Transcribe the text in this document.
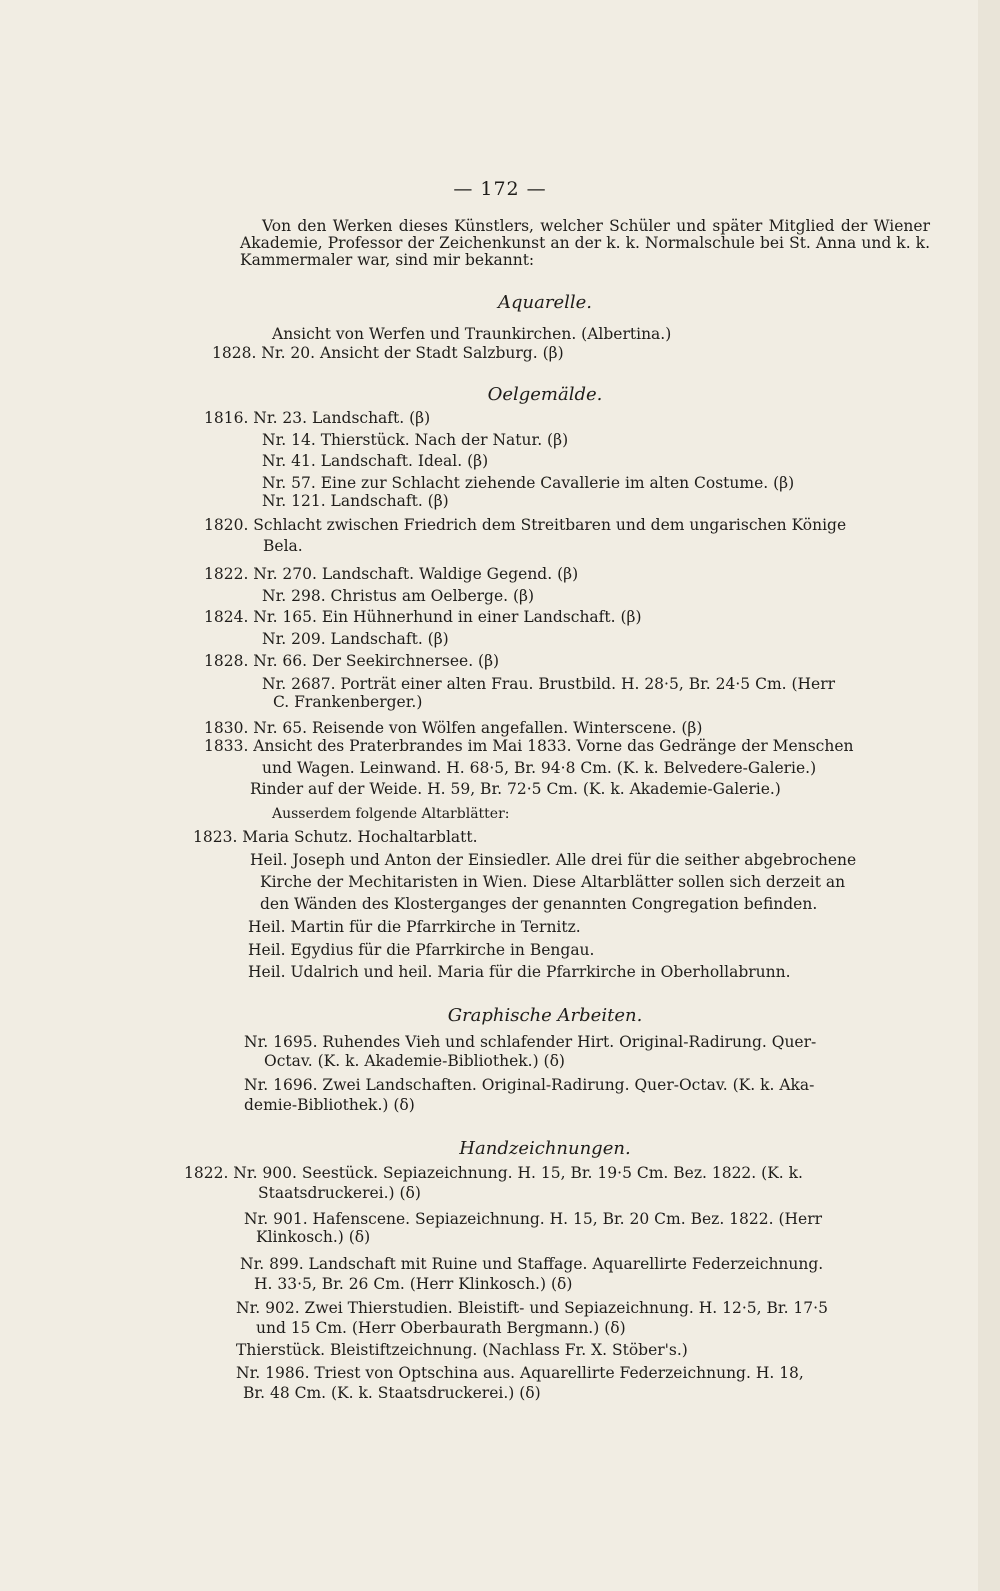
— 172 —
Von den Werken dieses Künstlers, welcher Schüler und später Mitglied der Wiener Akademie, Professor der Zeichenkunst an der k. k. Normalschule bei St. Anna und k. k. Kammermaler war, sind mir bekannt:
Aquarelle.
Ansicht von Werfen und Traunkirchen. (Albertina.)
1828. Nr. 20. Ansicht der Stadt Salzburg. (β)
Oelgemälde.
1816. Nr. 23. Landschaft. (β)
Nr. 14. Thierstück. Nach der Natur. (β)
Nr. 41. Landschaft. Ideal. (β)
Nr. 57. Eine zur Schlacht ziehende Cavallerie im alten Costume. (β)
Nr. 121. Landschaft. (β)
1820. Schlacht zwischen Friedrich dem Streitbaren und dem ungarischen Könige
Bela.
1822. Nr. 270. Landschaft. Waldige Gegend. (β)
Nr. 298. Christus am Oelberge. (β)
1824. Nr. 165. Ein Hühnerhund in einer Landschaft. (β)
Nr. 209. Landschaft. (β)
1828. Nr. 66. Der Seekirchnersee. (β)
Nr. 2687. Porträt einer alten Frau. Brustbild. H. 28·5, Br. 24·5 Cm. (Herr
C. Frankenberger.)
1830. Nr. 65. Reisende von Wölfen angefallen. Winterscene. (β)
1833. Ansicht des Praterbrandes im Mai 1833. Vorne das Gedränge der Menschen
und Wagen. Leinwand. H. 68·5, Br. 94·8 Cm. (K. k. Belvedere-Galerie.)
Rinder auf der Weide. H. 59, Br. 72·5 Cm. (K. k. Akademie-Galerie.)
Ausserdem folgende Altarblätter:
1823. Maria Schutz. Hochaltarblatt.
Heil. Joseph und Anton der Einsiedler. Alle drei für die seither abgebrochene
Kirche der Mechitaristen in Wien. Diese Altarblätter sollen sich derzeit an
den Wänden des Klosterganges der genannten Congregation befinden.
Heil. Martin für die Pfarrkirche in Ternitz.
Heil. Egydius für die Pfarrkirche in Bengau.
Heil. Udalrich und heil. Maria für die Pfarrkirche in Oberhollabrunn.
Graphische Arbeiten.
Nr. 1695. Ruhendes Vieh und schlafender Hirt. Original-Radirung. Quer-
Octav. (K. k. Akademie-Bibliothek.) (δ)
Nr. 1696. Zwei Landschaften. Original-Radirung. Quer-Octav. (K. k. Aka-
demie-Bibliothek.) (δ)
Handzeichnungen.
1822. Nr. 900. Seestück. Sepiazeichnung. H. 15, Br. 19·5 Cm. Bez. 1822. (K. k.
Staatsdruckerei.) (δ)
Nr. 901. Hafenscene. Sepiazeichnung. H. 15, Br. 20 Cm. Bez. 1822. (Herr
Klinkosch.) (δ)
Nr. 899. Landschaft mit Ruine und Staffage. Aquarellirte Federzeichnung.
H. 33·5, Br. 26 Cm. (Herr Klinkosch.) (δ)
Nr. 902. Zwei Thierstudien. Bleistift- und Sepiazeichnung. H. 12·5, Br. 17·5
und 15 Cm. (Herr Oberbaurath Bergmann.) (δ)
Thierstück. Bleistiftzeichnung. (Nachlass Fr. X. Stöber's.)
Nr. 1986. Triest von Optschina aus. Aquarellirte Federzeichnung. H. 18,
Br. 48 Cm. (K. k. Staatsdruckerei.) (δ)
